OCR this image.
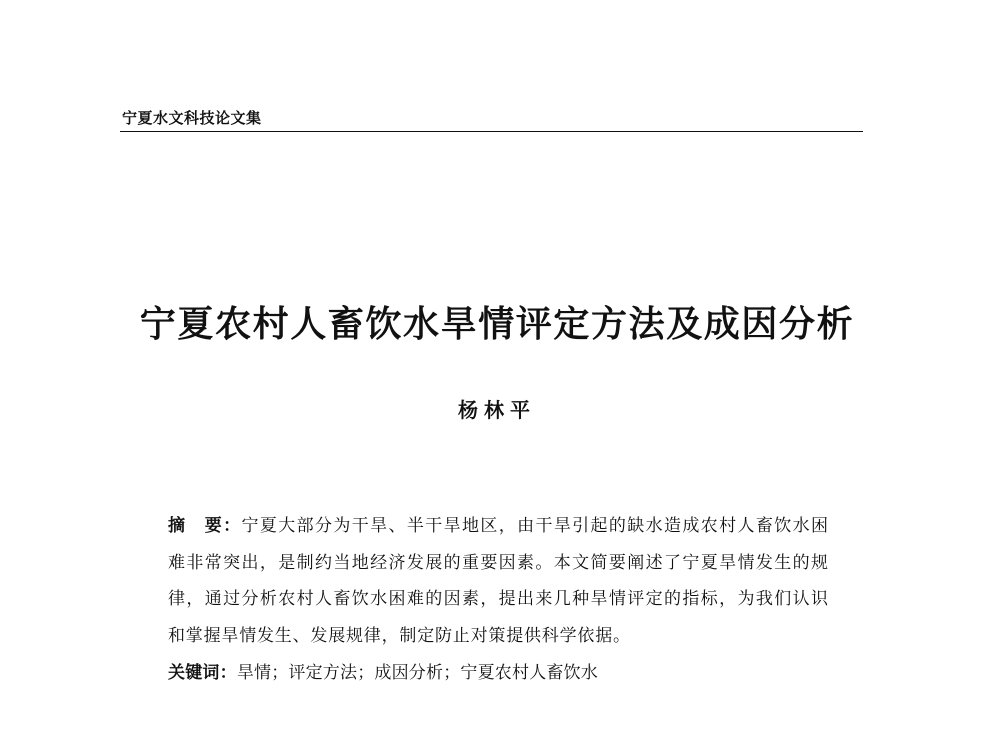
宁夏水文科技论文集
宁夏农村人畜饮水旱情评定方法及成因分析
杨林平
摘　要：宁夏大部分为干旱、半干旱地区，由干旱引起的缺水造成农村人畜饮水困
难非常突出，是制约当地经济发展的重要因素。本文简要阐述了宁夏旱情发生的规
律，通过分析农村人畜饮水困难的因素，提出来几种旱情评定的指标，为我们认识
和掌握旱情发生、发展规律，制定防止对策提供科学依据。
关键词：旱情；评定方法；成因分析；宁夏农村人畜饮水
